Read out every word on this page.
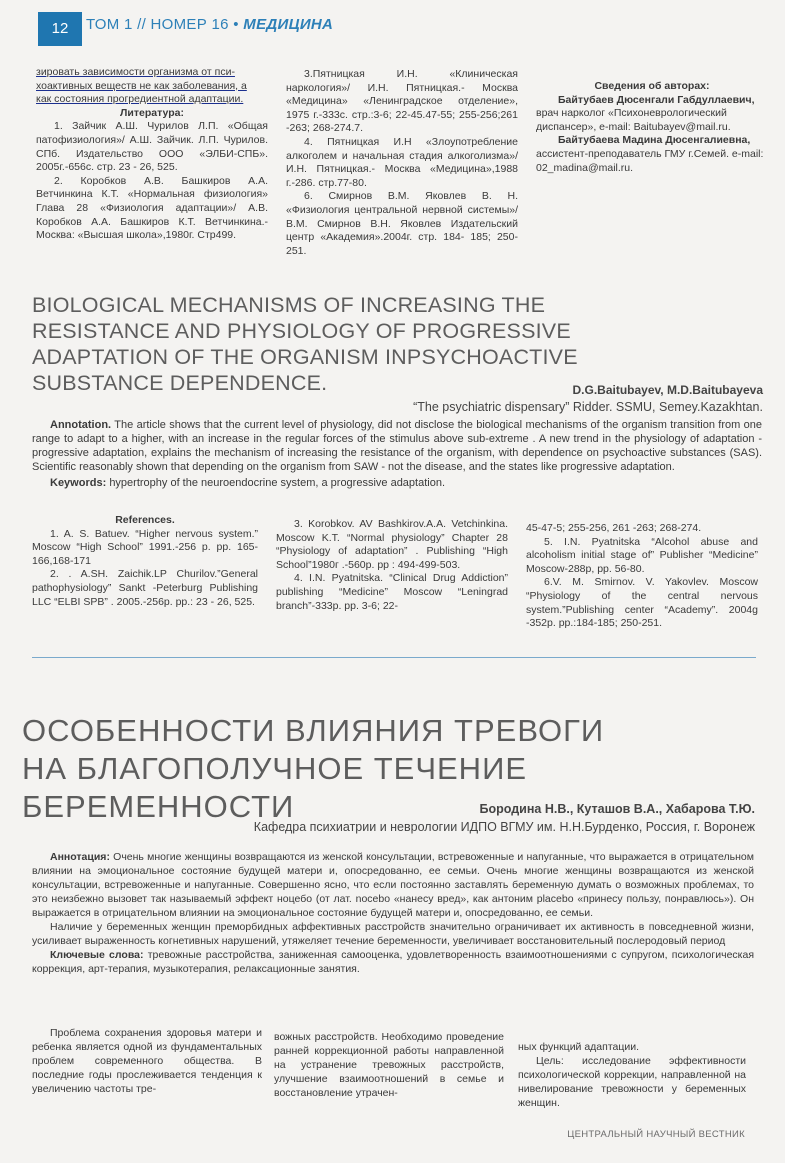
12	ТОМ 1 // НОМЕР 16 • МЕДИЦИНА

зировать зависимости организма от пси-

хоактивных веществ не как заболевания, а

как состояния прогредиентной адаптации.

Литература:

1. Зайчик А.Ш. Чурилов Л.П. «Общая патофизиология»/ А.Ш. Зайчик. Л.П. Чурилов. СПб. Издательство ООО «ЭЛБИ-СПБ». 2005г.-656с. стр. 23 - 26, 525.

2. Коробков А.В. Башкиров А.А. Ветчинкина К.Т. «Нормальная физиология» Глава 28 «Физиология адаптации»/ А.В. Коробков А.А. Башкиров К.Т. Ветчинкина.- Москва: «Высшая школа»,1980г. Стр499.

3.Пятницкая И.Н. «Клиническая наркология»/ И.Н. Пятницкая.- Москва «Медицина» «Ленинградское отделение», 1975 г.-333с. стр.:3-6; 22-45.47-55; 255-256;261 -263; 268-274.7.

4. Пятницкая И.Н «Злоупотребление алкоголем и начальная стадия алкоголизма»/ И.Н. Пятницкая.- Москва «Медицина»,1988 г.-286. стр.77-80.

6. Смирнов В.М. Яковлев В. Н. «Физиология центральной нервной системы»/ В.М. Смирнов В.Н. Яковлев Издательский центр «Академия».2004г. стр. 184- 185; 250-251.

Сведения об авторах:

Байтубаев Дюсенгали Габдуллаевич,

врач нарколог «Психоневрологический диспансер», e-mail: Baitubayev@mail.ru.

Байтубаева Мадина Дюсенгалиевна,

ассистент-преподаватель ГМУ г.Семей. e-mail: 02_madina@mail.ru.

BIOLOGICAL MECHANISMS OF INCREASING THE RESISTANCE AND PHYSIOLOGY OF PROGRESSIVE ADAPTATION OF THE ORGANISM INPSYCHOACTIVE SUBSTANCE DEPENDENCE.	D.G.Baitubayev, M.D.Baitubayeva
“The psychiatric dispensary” Ridder. SSMU, Semey.Kazakhtan.

Annotation. The article shows that the current level of physiology, did not disclose the biological mechanisms of the organism transition from one range to adapt to a higher, with an increase in the regular forces of the stimulus above sub-extreme . A new trend in the physiology of adaptation - progressive adaptation, explains the mechanism of increasing the resistance of the organism, with dependence on psychoactive substances (SAS). Scientific reasonably shown that depending on the organism from SAW - not the disease, and the states like progressive adaptation.

Keywords: hypertrophy of the neuroendocrine system, a progressive adaptation.

References.

1. A. S. Batuev. “Higher nervous system.” Moscow “High School” 1991.-256 p. pp. 165-166,168-171

2. . A.SH. Zaichik.LP Churilov.”General pathophysiology” Sankt -Peterburg Publishing LLC “ELBI SPB” . 2005.-256p. pp.: 23 - 26, 525.

3. Korobkov. AV Bashkirov.A.A. Vetchinkina. Moscow K.T. “Normal physiology” Chapter 28 “Physiology of adaptation” . Publishing “High School”1980г .-560p. pp : 494-499-503.

4. I.N. Pyatnitska. “Clinical Drug Addiction” publishing “Medicine” Moscow “Leningrad branch”-333p. pp. 3-6; 22-

45-47-5; 255-256, 261 -263; 268-274.

5. I.N. Pyatnitska “Alcohol abuse and alcoholism initial stage of” Publisher “Medicine” Moscow-288p, pp. 56-80.

6.V. M. Smirnov. V. Yakovlev. Moscow “Physiology of the central nervous system.”Publishing center “Academy”. 2004g -352p. pp.:184-185; 250-251.

ОСОБЕННОСТИ ВЛИЯНИЯ ТРЕВОГИ
НА БЛАГОПОЛУЧНОЕ ТЕЧЕНИЕ БЕРЕМЕННОСТИ	Бородина Н.В., Куташов В.А., Хабарова Т.Ю.
Кафедра психиатрии и неврологии ИДПО ВГМУ им. Н.Н.Бурденко, Россия, г. Воронеж

Аннотация: Очень многие женщины возвращаются из женской консультации, встревоженные и напуганные, что выражается в отрицательном влиянии на эмоциональное состояние будущей матери и, опосредованно, ее семьи. Очень многие женщины возвращаются из женской консультации, встревоженные и напуганные. Совершенно ясно, что если постоянно заставлять беременную думать о возможных проблемах, то это неизбежно вызовет так называемый эффект ноцебо (от лат. nocebo «нанесу вред», как антоним placebo «принесу пользу, понравлюсь»). Он выражается в отрицательном влиянии на эмоциональное состояние будущей матери и, опосредованно, ее семьи.

Наличие у беременных женщин преморбидных аффективных расстройств значительно ограничивает их активность в повседневной жизни, усиливает выраженность когнетивных нарушений, утяжеляет течение беременности, увеличивает восстановительный послеродовый период

Ключевые слова: тревожные расстройства, заниженная самооценка, удовлетворенность взаимоотношениями с супругом, психологическая коррекция, арт-терапия, музыкотерапия, релаксационные занятия.

Проблема сохранения здоровья матери и ребенка является одной из фундаментальных проблем современного общества. В последние годы прослеживается тенденция к увеличению частоты тре-

вожных расстройств. Необходимо проведение ранней коррекционной работы направленной на устранение тревожных расстройств, улучшение взаимоотношений в семье и восстановление утрачен-

ных функций адаптации.

Цель: исследование эффективности психологической коррекции, направленной на нивелирование тревожности у беременных женщин.

ЦЕНТРАЛЬНЫЙ НАУЧНЫЙ ВЕСТНИК
